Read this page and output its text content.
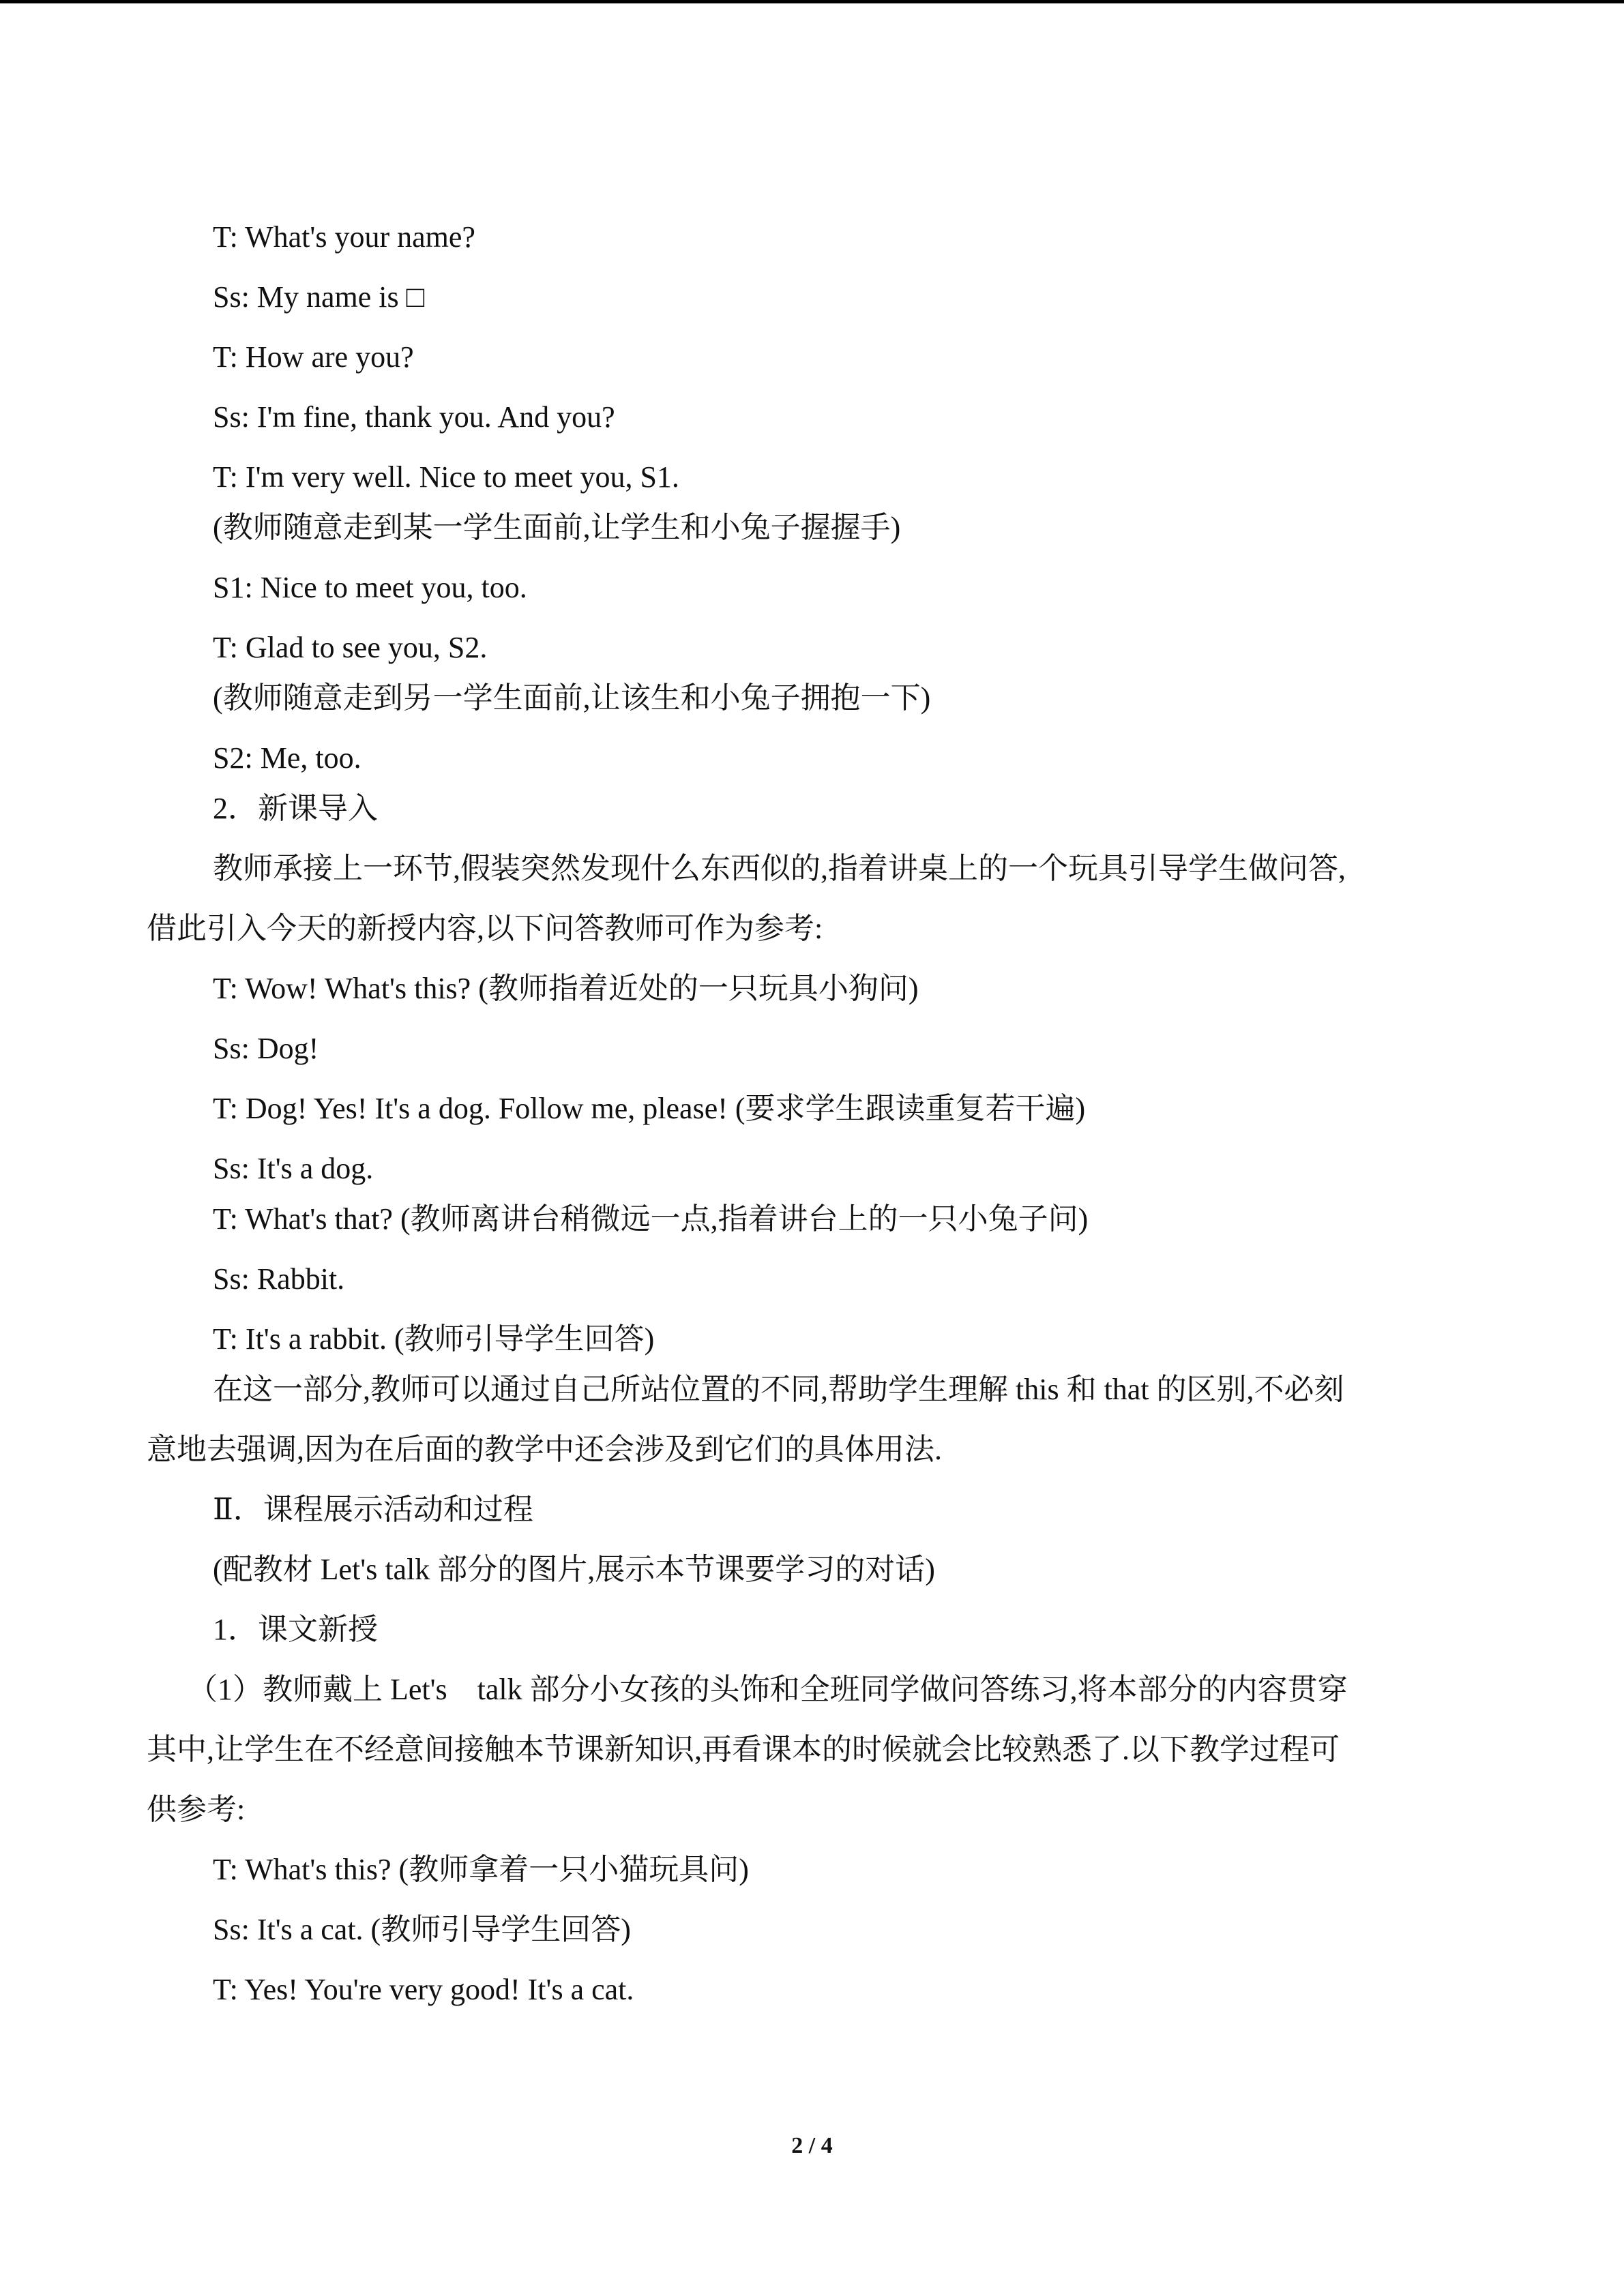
T: What's your name?

Ss: My name is □

T: How are you?

Ss: I'm fine, thank you. And you?

T: I'm very well. Nice to meet you, S1.

(教师随意走到某一学生面前,让学生和小兔子握握手)

S1: Nice to meet you, too.

T: Glad to see you, S2.

(教师随意走到另一学生面前,让该生和小兔子拥抱一下)

S2: Me, too.

2．新课导入

教师承接上一环节,假装突然发现什么东西似的,指着讲桌上的一个玩具引导学生做问答,

借此引入今天的新授内容,以下问答教师可作为参考:

T: Wow! What's this? (教师指着近处的一只玩具小狗问)

Ss: Dog!

T: Dog! Yes! It's a dog. Follow me, please! (要求学生跟读重复若干遍)

Ss: It's a dog.

T: What's that? (教师离讲台稍微远一点,指着讲台上的一只小兔子问)

Ss: Rabbit.

T: It's a rabbit. (教师引导学生回答)

在这一部分,教师可以通过自己所站位置的不同,帮助学生理解 this 和 that 的区别,不必刻

意地去强调,因为在后面的教学中还会涉及到它们的具体用法.

Ⅱ．课程展示活动和过程

(配教材 Let's talk 部分的图片,展示本节课要学习的对话)

1．课文新授

（1）教师戴上 Let's　talk 部分小女孩的头饰和全班同学做问答练习,将本部分的内容贯穿

其中,让学生在不经意间接触本节课新知识,再看课本的时候就会比较熟悉了.以下教学过程可

供参考:

T: What's this? (教师拿着一只小猫玩具问)

Ss: It's a cat. (教师引导学生回答)

T: Yes! You're very good! It's a cat.

2 / 4
